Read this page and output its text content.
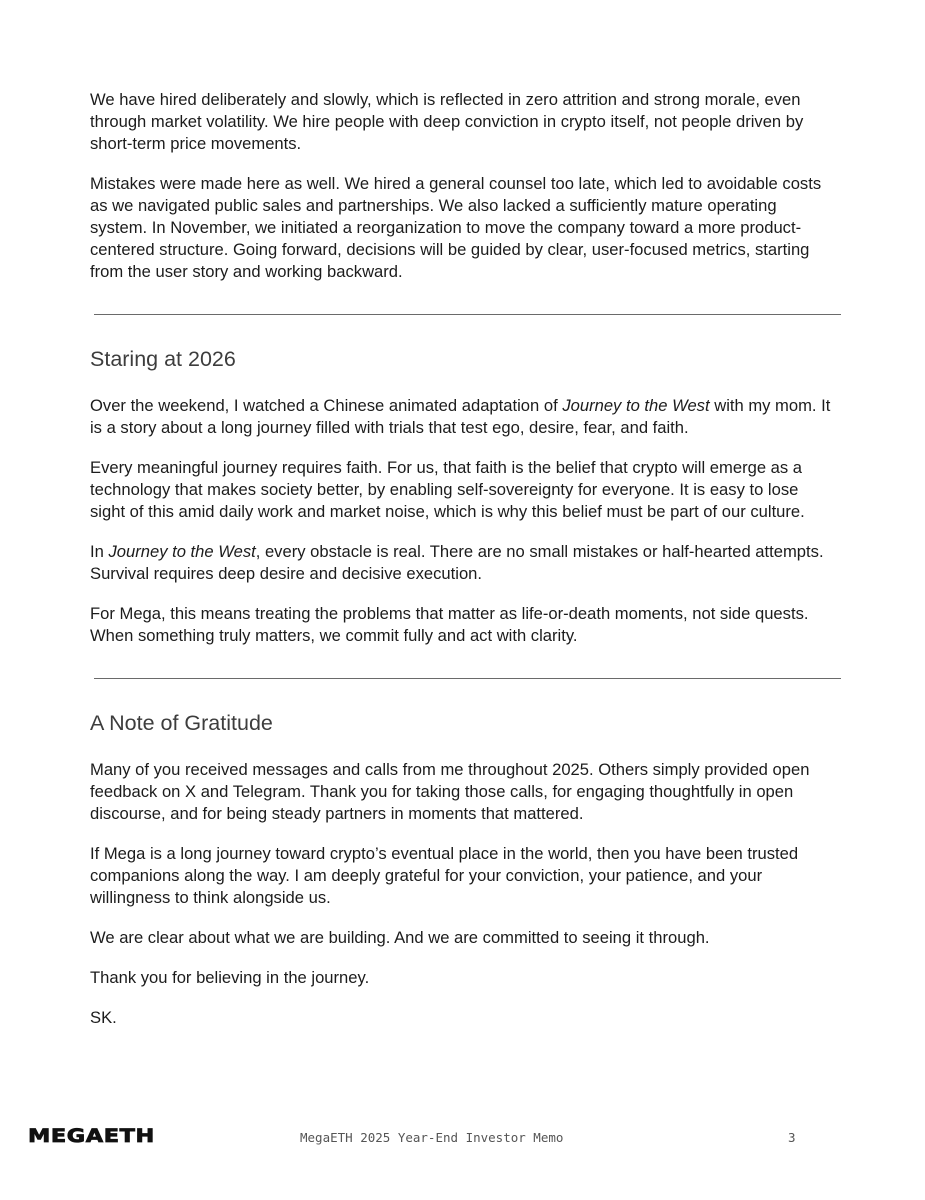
We have hired deliberately and slowly, which is reflected in zero attrition and strong morale, even through market volatility. We hire people with deep conviction in crypto itself, not people driven by short-term price movements.

Mistakes were made here as well. We hired a general counsel too late, which led to avoidable costs as we navigated public sales and partnerships. We also lacked a sufficiently mature operating system. In November, we initiated a reorganization to move the company toward a more product-centered structure. Going forward, decisions will be guided by clear, user-focused metrics, starting from the user story and working backward.

Staring at 2026

Over the weekend, I watched a Chinese animated adaptation of Journey to the West with my mom. It is a story about a long journey filled with trials that test ego, desire, fear, and faith.

Every meaningful journey requires faith. For us, that faith is the belief that crypto will emerge as a technology that makes society better, by enabling self-sovereignty for everyone. It is easy to lose sight of this amid daily work and market noise, which is why this belief must be part of our culture.

In Journey to the West, every obstacle is real. There are no small mistakes or half-hearted attempts. Survival requires deep desire and decisive execution.

For Mega, this means treating the problems that matter as life-or-death moments, not side quests. When something truly matters, we commit fully and act with clarity.

A Note of Gratitude

Many of you received messages and calls from me throughout 2025. Others simply provided open feedback on X and Telegram. Thank you for taking those calls, for engaging thoughtfully in open discourse, and for being steady partners in moments that mattered.

If Mega is a long journey toward crypto’s eventual place in the world, then you have been trusted companions along the way. I am deeply grateful for your conviction, your patience, and your willingness to think alongside us.

We are clear about what we are building. And we are committed to seeing it through.

Thank you for believing in the journey.

SK.

MEGAETH	MegaETH 2025 Year-End Investor Memo	3
